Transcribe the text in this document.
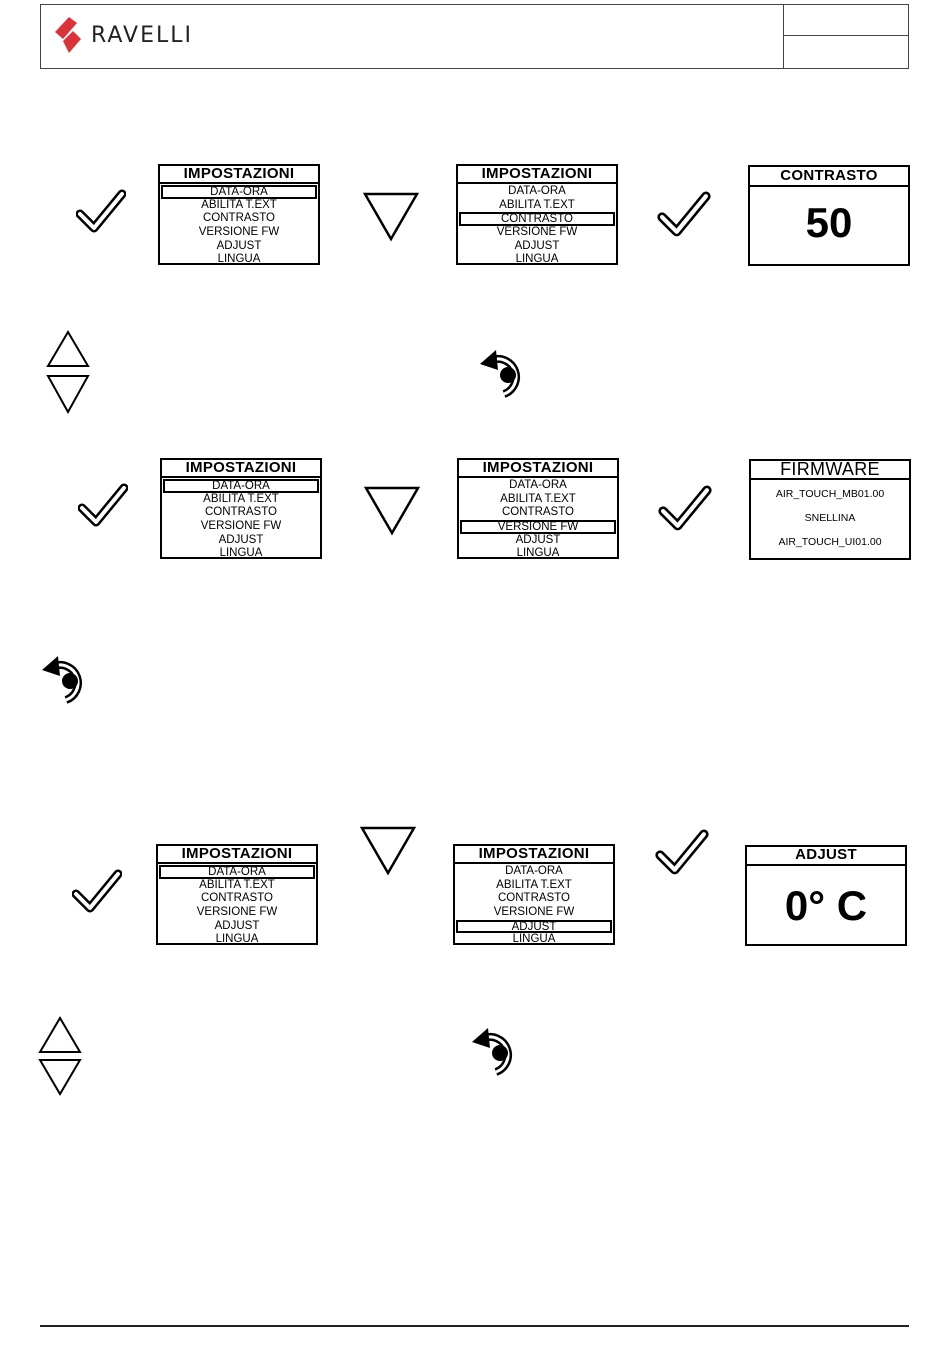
RAVELLI
IMPOSTAZIONI
DATA-ORA
ABILITA T.EXT
CONTRASTO
VERSIONE FW
ADJUST
LINGUA
IMPOSTAZIONI
DATA-ORA
ABILITA T.EXT
CONTRASTO
VERSIONE FW
ADJUST
LINGUA
CONTRASTO
50
IMPOSTAZIONI
DATA-ORA
ABILITA T.EXT
CONTRASTO
VERSIONE FW
ADJUST
LINGUA
IMPOSTAZIONI
DATA-ORA
ABILITA T.EXT
CONTRASTO
VERSIONE FW
ADJUST
LINGUA
FIRMWARE
AIR_TOUCH_MB01.00
SNELLINA
AIR_TOUCH_UI01.00
IMPOSTAZIONI
DATA-ORA
ABILITA T.EXT
CONTRASTO
VERSIONE FW
ADJUST
LINGUA
IMPOSTAZIONI
DATA-ORA
ABILITA T.EXT
CONTRASTO
VERSIONE FW
ADJUST
LINGUA
ADJUST
0° C
